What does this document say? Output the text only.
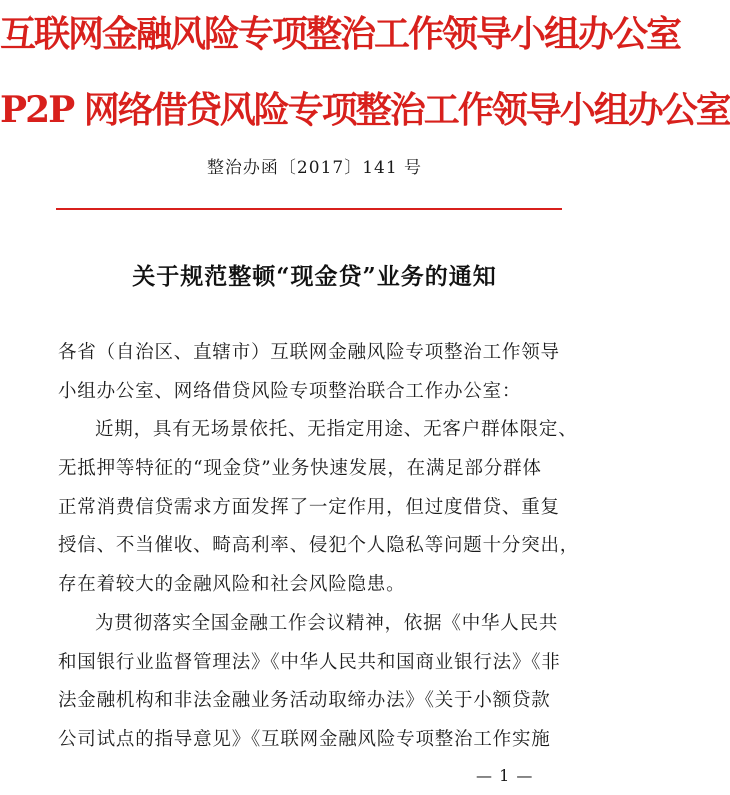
互联网金融风险专项整治工作领导小组办公室
P2P 网络借贷风险专项整治工作领导小组办公室
整治办函〔2017〕141 号
关于规范整顿“现金贷”业务的通知
各省（自治区、直辖市）互联网金融风险专项整治工作领导
小组办公室、网络借贷风险专项整治联合工作办公室：
近期，具有无场景依托、无指定用途、无客户群体限定、
无抵押等特征的“现金贷”业务快速发展，在满足部分群体
正常消费信贷需求方面发挥了一定作用，但过度借贷、重复
授信、不当催收、畸高利率、侵犯个人隐私等问题十分突出，
存在着较大的金融风险和社会风险隐患。
为贯彻落实全国金融工作会议精神，依据《中华人民共
和国银行业监督管理法》《中华人民共和国商业银行法》《非
法金融机构和非法金融业务活动取缔办法》《关于小额贷款
公司试点的指导意见》《互联网金融风险专项整治工作实施
— 1 —
